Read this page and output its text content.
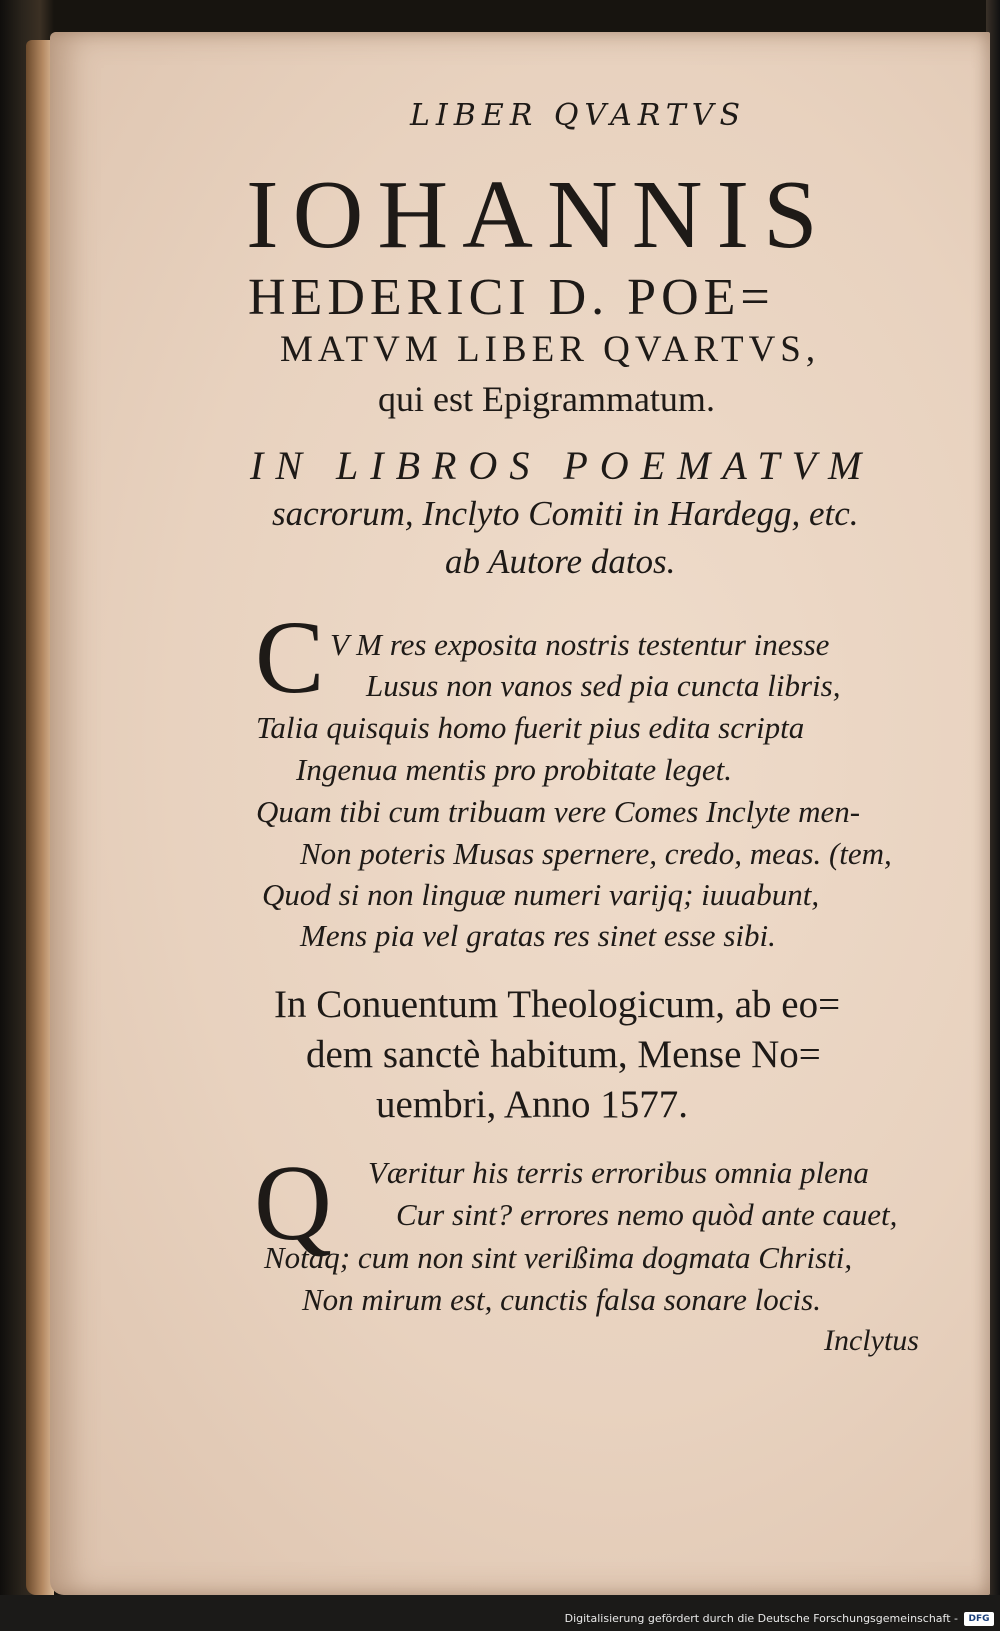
LIBER QVARTVS
IOHANNIS
HEDERICI D. POE=
MATVM LIBER QVARTVS,
qui est Epigrammatum.
IN LIBROS POEMATVM
sacrorum, Inclyto Comiti in Hardegg, etc.
ab Autore datos.
C V M res exposita nostris testentur inesse
Lusus non vanos sed pia cuncta libris,
Talia quisquis homo fuerit pius edita scripta
Ingenua mentis pro probitate leget.
Quam tibi cum tribuam vere Comes Inclyte men-
Non poteris Musas spernere, credo, meas. (tem,
Quod si non linguæ numeri varijq; iuuabunt,
Mens pia vel gratas res sinet esse sibi.
In Conuentum Theologicum, ab eo=
dem sanctè habitum, Mense No=
uembri, Anno 1577.
Q Væritur his terris erroribus omnia plena
Cur sint? errores nemo quòd ante cauet,
Notaq; cum non sint verißima dogmata Christi,
Non mirum est, cunctis falsa sonare locis.
Inclytus
Digitalisierung gefördert durch die Deutsche Forschungsgemeinschaft -	DFG
